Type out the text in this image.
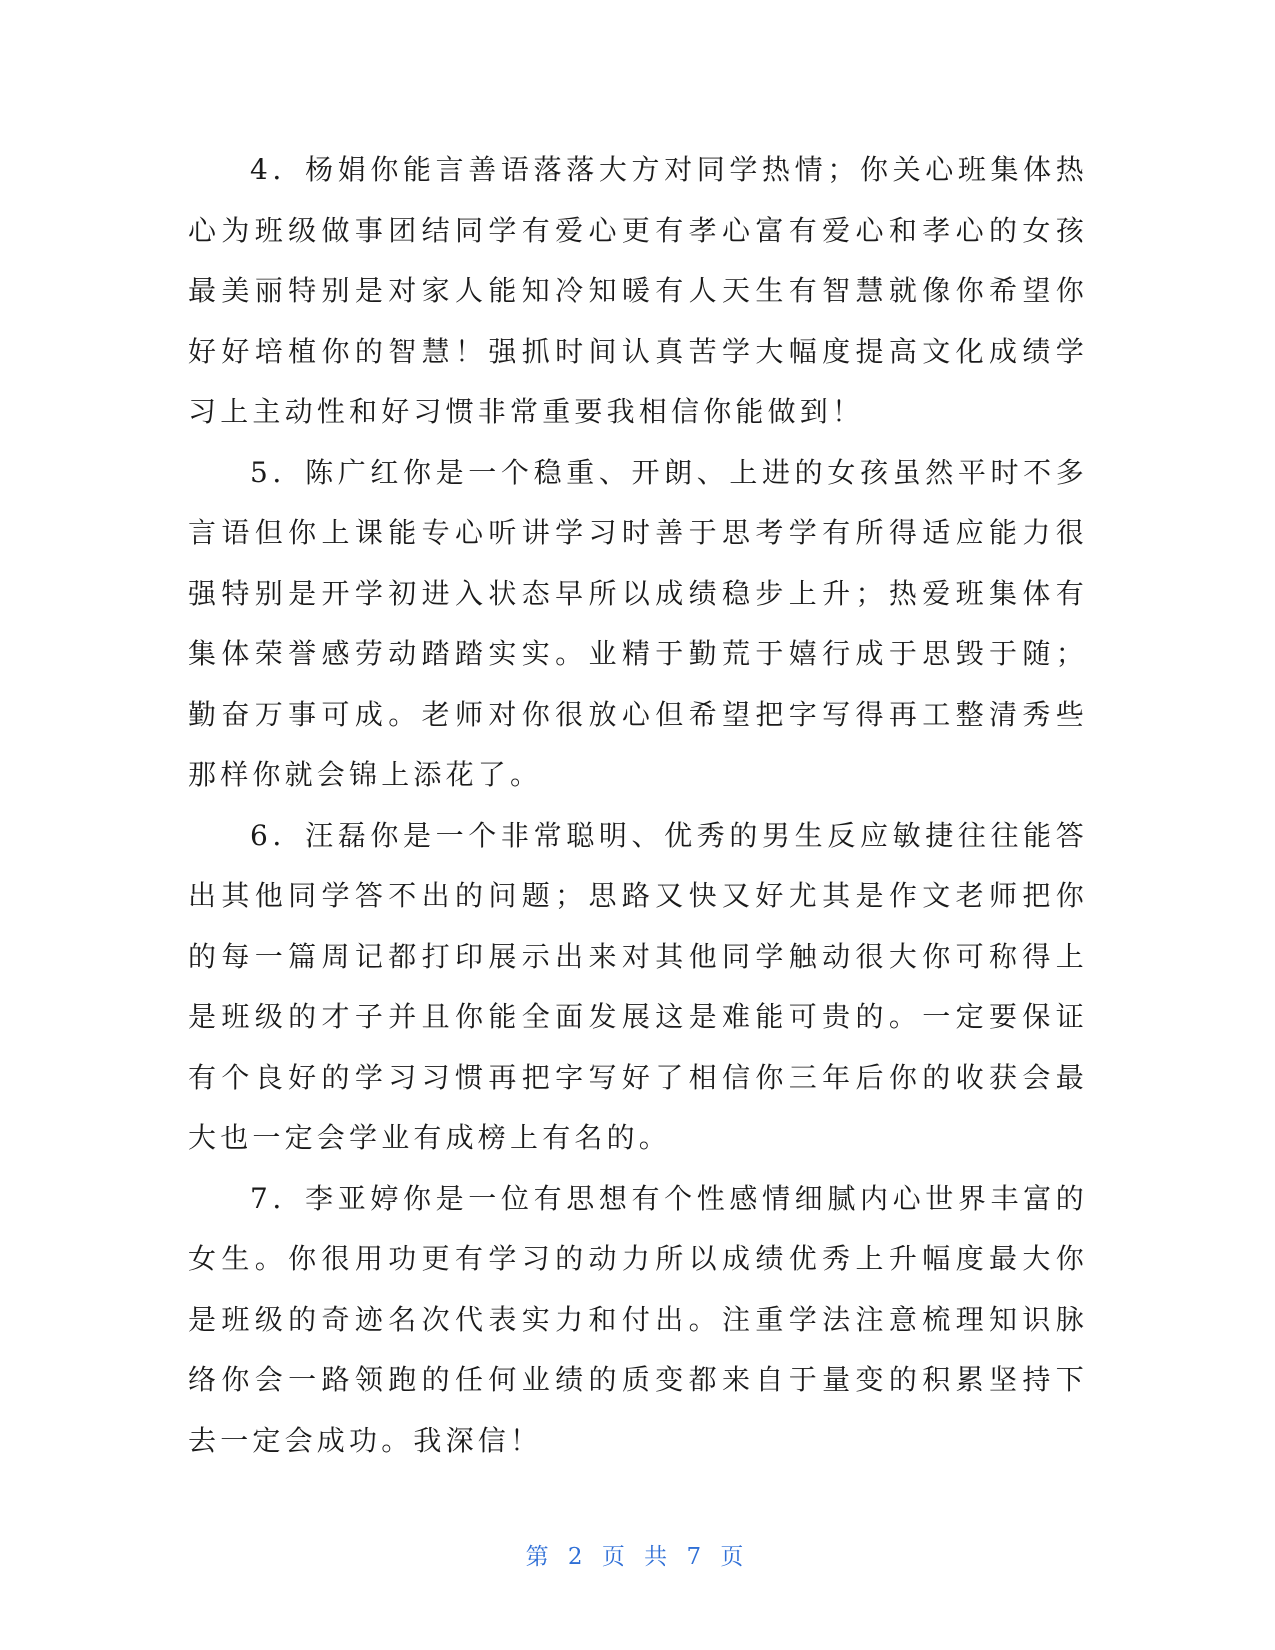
4．杨娟你能言善语落落大方对同学热情；你关心班集体热心为班级做事团结同学有爱心更有孝心富有爱心和孝心的女孩最美丽特别是对家人能知冷知暖有人天生有智慧就像你希望你好好培植你的智慧！强抓时间认真苦学大幅度提高文化成绩学习上主动性和好习惯非常重要我相信你能做到！

5．陈广红你是一个稳重、开朗、上进的女孩虽然平时不多言语但你上课能专心听讲学习时善于思考学有所得适应能力很强特别是开学初进入状态早所以成绩稳步上升；热爱班集体有集体荣誉感劳动踏踏实实。业精于勤荒于嬉行成于思毁于随；勤奋万事可成。老师对你很放心但希望把字写得再工整清秀些那样你就会锦上添花了。

6．汪磊你是一个非常聪明、优秀的男生反应敏捷往往能答出其他同学答不出的问题；思路又快又好尤其是作文老师把你的每一篇周记都打印展示出来对其他同学触动很大你可称得上是班级的才子并且你能全面发展这是难能可贵的。一定要保证有个良好的学习习惯再把字写好了相信你三年后你的收获会最大也一定会学业有成榜上有名的。

7．李亚婷你是一位有思想有个性感情细腻内心世界丰富的女生。你很用功更有学习的动力所以成绩优秀上升幅度最大你是班级的奇迹名次代表实力和付出。注重学法注意梳理知识脉络你会一路领跑的任何业绩的质变都来自于量变的积累坚持下去一定会成功。我深信！

第 2 页 共 7 页
